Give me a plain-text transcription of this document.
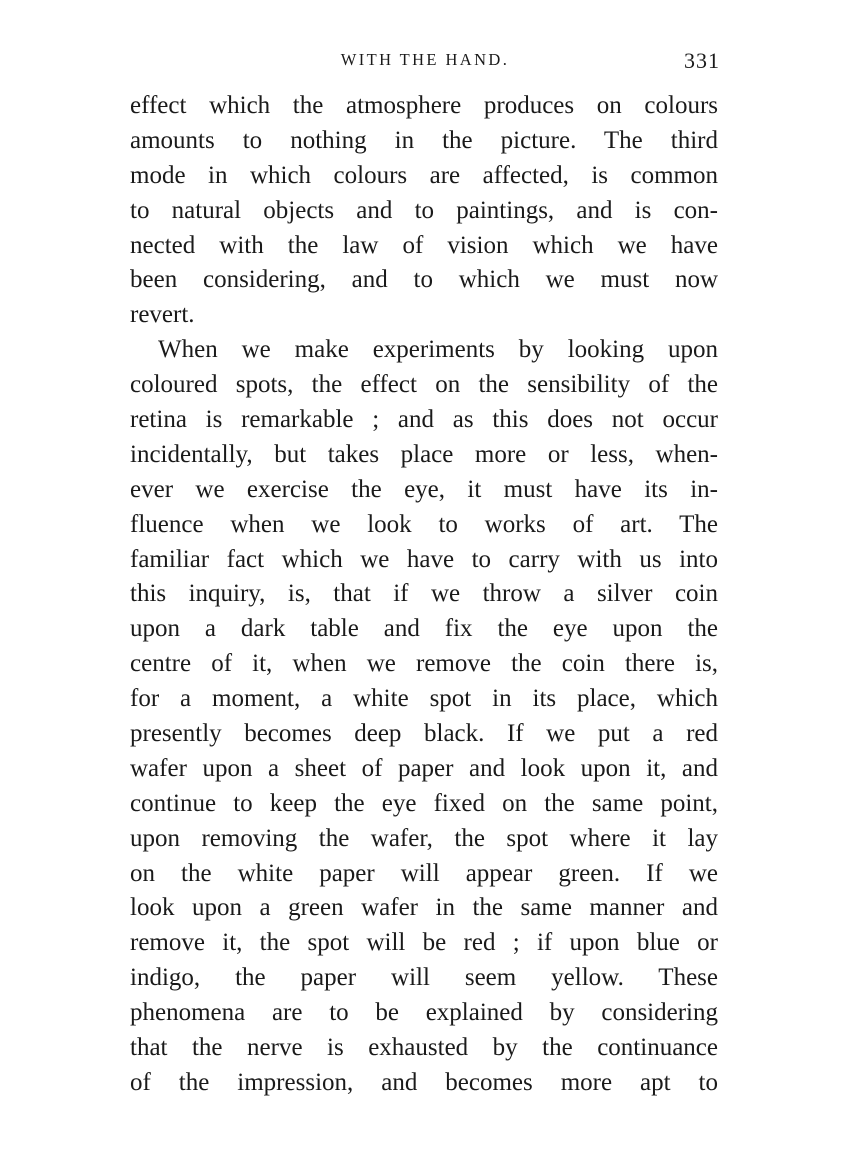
WITH THE HAND.	331
effect which the atmosphere produces on colours
amounts to nothing in the picture. The third
mode in which colours are affected, is common
to natural objects and to paintings, and is con-
nected with the law of vision which we have
been considering, and to which we must now
revert.
When we make experiments by looking upon
coloured spots, the effect on the sensibility of the
retina is remarkable ; and as this does not occur
incidentally, but takes place more or less, when-
ever we exercise the eye, it must have its in-
fluence when we look to works of art. The
familiar fact which we have to carry with us into
this inquiry, is, that if we throw a silver coin
upon a dark table and fix the eye upon the
centre of it, when we remove the coin there is,
for a moment, a white spot in its place, which
presently becomes deep black. If we put a red
wafer upon a sheet of paper and look upon it, and
continue to keep the eye fixed on the same point,
upon removing the wafer, the spot where it lay
on the white paper will appear green. If we
look upon a green wafer in the same manner and
remove it, the spot will be red ; if upon blue or
indigo, the paper will seem yellow. These
phenomena are to be explained by considering
that the nerve is exhausted by the continuance
of the impression, and becomes more apt to
